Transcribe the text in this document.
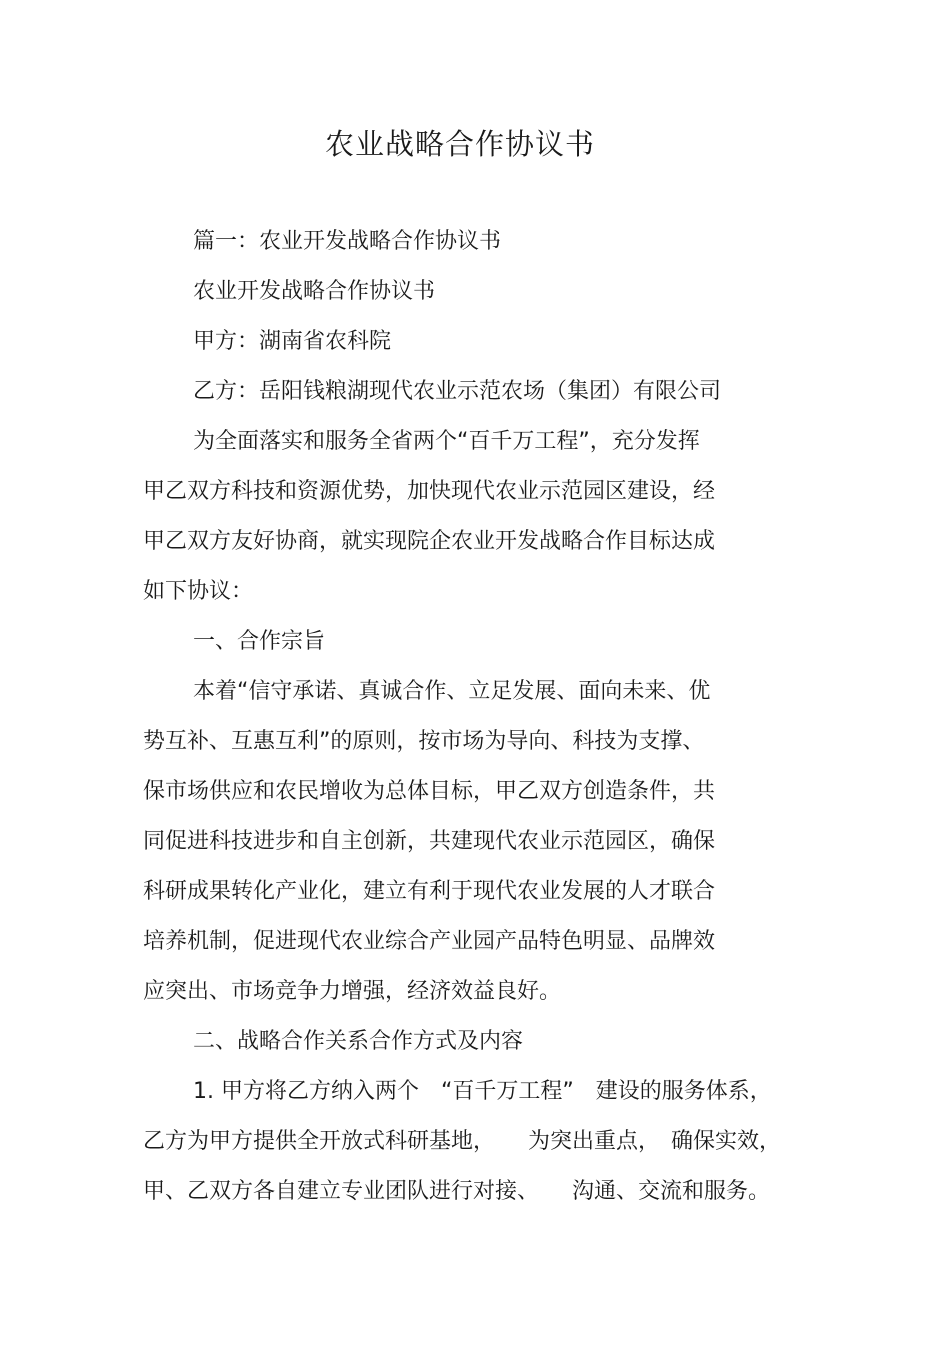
农业战略合作协议书
篇一：农业开发战略合作协议书
农业开发战略合作协议书
甲方：湖南省农科院
乙方：岳阳钱粮湖现代农业示范农场（集团）有限公司
为全面落实和服务全省两个“百千万工程”，充分发挥
甲乙双方科技和资源优势，加快现代农业示范园区建设，经
甲乙双方友好协商，就实现院企农业开发战略合作目标达成
如下协议：
一、合作宗旨
本着“信守承诺、真诚合作、立足发展、面向未来、优
势互补、互惠互利”的原则，按市场为导向、科技为支撑、
保市场供应和农民增收为总体目标，甲乙双方创造条件，共
同促进科技进步和自主创新，共建现代农业示范园区，确保
科研成果转化产业化，建立有利于现代农业发展的人才联合
培养机制，促进现代农业综合产业园产品特色明显、品牌效
应突出、市场竞争力增强，经济效益良好。
二、战略合作关系合作方式及内容
1. 甲方将乙方纳入两个　“百千万工程”　建设的服务体系，
乙方为甲方提供全开放式科研基地，　　为突出重点，　确保实效，
甲、乙双方各自建立专业团队进行对接、　　沟通、交流和服务。
